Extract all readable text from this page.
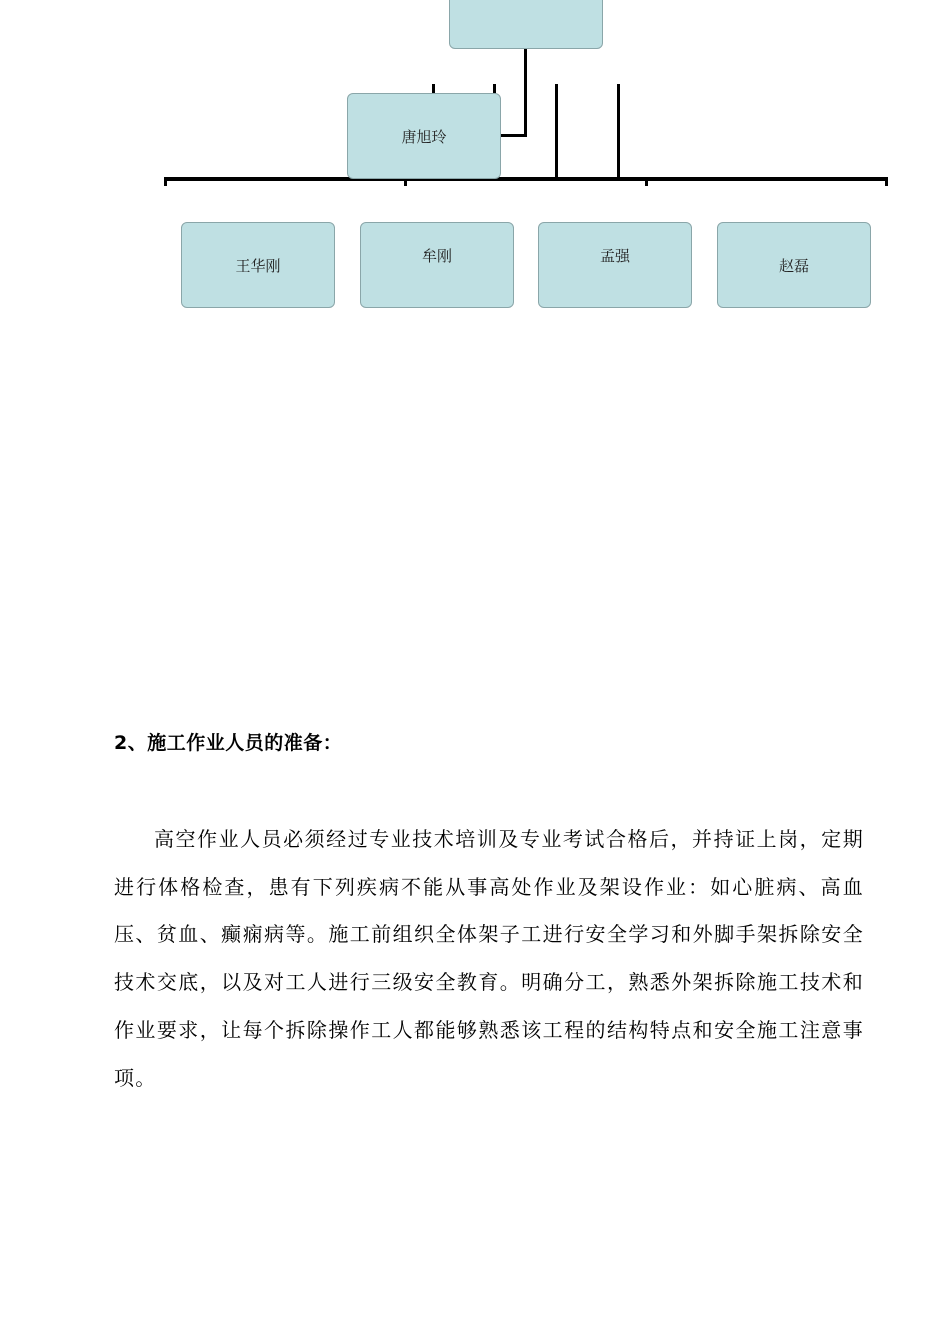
唐旭玲
王华刚
牟刚	孟强
赵磊
2、施工作业人员的准备：
高空作业人员必须经过专业技术培训及专业考试合格后，并持证上岗，定期进行体格检查，患有下列疾病不能从事高处作业及架设作业：如心脏病、高血压、贫血、癫痫病等。施工前组织全体架子工进行安全学习和外脚手架拆除安全技术交底，以及对工人进行三级安全教育。明确分工，熟悉外架拆除施工技术和作业要求，让每个拆除操作工人都能够熟悉该工程的结构特点和安全施工注意事项。
